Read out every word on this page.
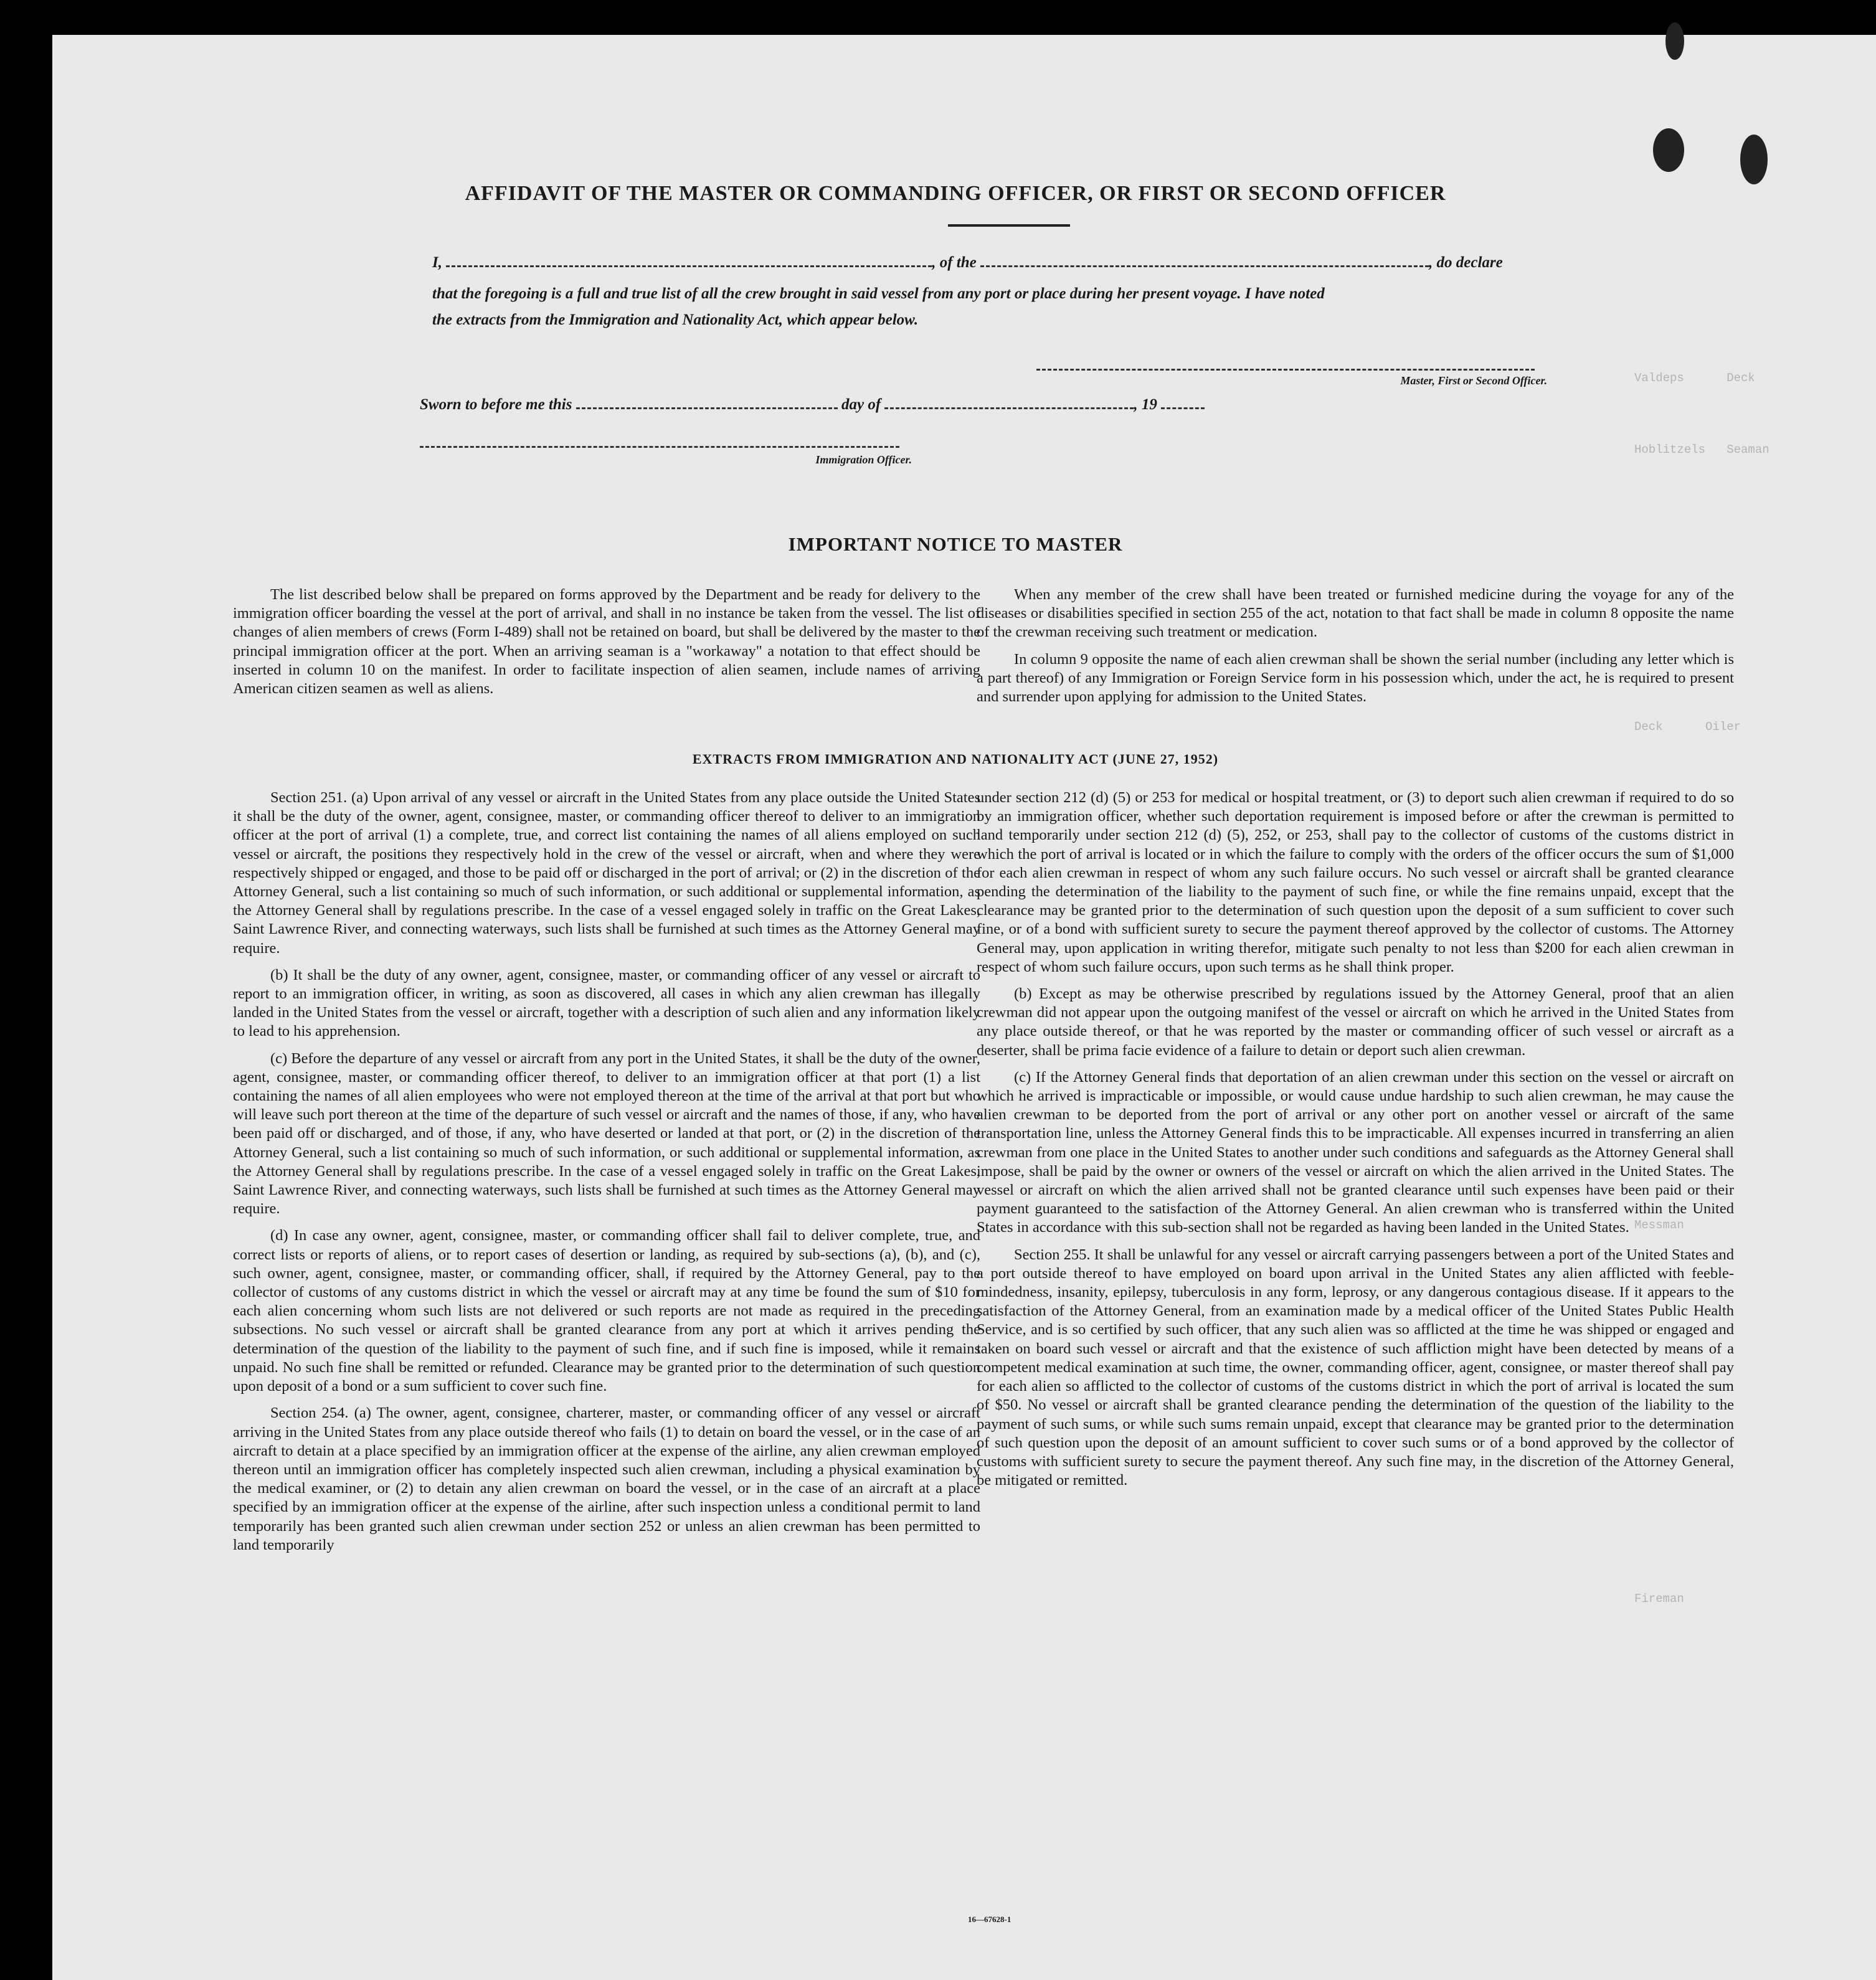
Valdeps      Deck
Hoblitzels   Seaman
Deck      Oiler
Messman
Fireman
AFFIDAVIT OF THE MASTER OR COMMANDING OFFICER, OR FIRST OR SECOND OFFICER
I,	, of the	, do declare
that the foregoing is a full and true list of all the crew brought in said vessel from any port or place during her present voyage. I have noted
the extracts from the Immigration and Nationality Act, which appear below.
Master, First or Second Officer.
Sworn to before me this	day of	, 19
Immigration Officer.
IMPORTANT NOTICE TO MASTER

The list described below shall be prepared on forms approved by the Department and be ready for delivery to the immigration officer boarding the vessel at the port of arrival, and shall in no instance be taken from the vessel. The list of changes of alien members of crews (Form I-489) shall not be retained on board, but shall be delivered by the master to the principal immigration officer at the port. When an arriving seaman is a "workaway" a notation to that effect should be inserted in column 10 on the manifest. In order to facilitate inspection of alien seamen, include names of arriving American citizen seamen as well as aliens.

When any member of the crew shall have been treated or furnished medicine during the voyage for any of the diseases or disabilities specified in section 255 of the act, notation to that fact shall be made in column 8 opposite the name of the crewman receiving such treatment or medication.

In column 9 opposite the name of each alien crewman shall be shown the serial number (including any letter which is a part thereof) of any Immigration or Foreign Service form in his possession which, under the act, he is required to present and surrender upon applying for admission to the United States.

EXTRACTS FROM IMMIGRATION AND NATIONALITY ACT (JUNE 27, 1952)

Section 251. (a) Upon arrival of any vessel or aircraft in the United States from any place outside the United States it shall be the duty of the owner, agent, consignee, master, or commanding officer thereof to deliver to an immigration officer at the port of arrival (1) a complete, true, and correct list containing the names of all aliens employed on such vessel or aircraft, the positions they respectively hold in the crew of the vessel or aircraft, when and where they were respectively shipped or engaged, and those to be paid off or discharged in the port of arrival; or (2) in the discretion of the Attorney General, such a list containing so much of such information, or such additional or supplemental information, as the Attorney General shall by regulations prescribe. In the case of a vessel engaged solely in traffic on the Great Lakes, Saint Lawrence River, and connecting waterways, such lists shall be furnished at such times as the Attorney General may require.

(b) It shall be the duty of any owner, agent, consignee, master, or commanding officer of any vessel or aircraft to report to an immigration officer, in writing, as soon as discovered, all cases in which any alien crewman has illegally landed in the United States from the vessel or aircraft, together with a description of such alien and any information likely to lead to his apprehension.

(c) Before the departure of any vessel or aircraft from any port in the United States, it shall be the duty of the owner, agent, consignee, master, or commanding officer thereof, to deliver to an immigration officer at that port (1) a list containing the names of all alien employees who were not employed thereon at the time of the arrival at that port but who will leave such port thereon at the time of the departure of such vessel or aircraft and the names of those, if any, who have been paid off or discharged, and of those, if any, who have deserted or landed at that port, or (2) in the discretion of the Attorney General, such a list containing so much of such information, or such additional or supplemental information, as the Attorney General shall by regulations prescribe. In the case of a vessel engaged solely in traffic on the Great Lakes, Saint Lawrence River, and connecting waterways, such lists shall be furnished at such times as the Attorney General may require.

(d) In case any owner, agent, consignee, master, or commanding officer shall fail to deliver complete, true, and correct lists or reports of aliens, or to report cases of desertion or landing, as required by sub-sections (a), (b), and (c), such owner, agent, consignee, master, or commanding officer, shall, if required by the Attorney General, pay to the collector of customs of any customs district in which the vessel or aircraft may at any time be found the sum of $10 for each alien concerning whom such lists are not delivered or such reports are not made as required in the preceding subsections. No such vessel or aircraft shall be granted clearance from any port at which it arrives pending the determination of the question of the liability to the payment of such fine, and if such fine is imposed, while it remains unpaid. No such fine shall be remitted or refunded. Clearance may be granted prior to the determination of such question upon deposit of a bond or a sum sufficient to cover such fine.

Section 254. (a) The owner, agent, consignee, charterer, master, or commanding officer of any vessel or aircraft arriving in the United States from any place outside thereof who fails (1) to detain on board the vessel, or in the case of an aircraft to detain at a place specified by an immigration officer at the expense of the airline, any alien crewman employed thereon until an immigration officer has completely inspected such alien crewman, including a physical examination by the medical examiner, or (2) to detain any alien crewman on board the vessel, or in the case of an aircraft at a place specified by an immigration officer at the expense of the airline, after such inspection unless a conditional permit to land temporarily has been granted such alien crewman under section 252 or unless an alien crewman has been permitted to land temporarily

under section 212 (d) (5) or 253 for medical or hospital treatment, or (3) to deport such alien crewman if required to do so by an immigration officer, whether such deportation requirement is imposed before or after the crewman is permitted to land temporarily under section 212 (d) (5), 252, or 253, shall pay to the collector of customs of the customs district in which the port of arrival is located or in which the failure to comply with the orders of the officer occurs the sum of $1,000 for each alien crewman in respect of whom any such failure occurs. No such vessel or aircraft shall be granted clearance pending the determination of the liability to the payment of such fine, or while the fine remains unpaid, except that the clearance may be granted prior to the determination of such question upon the deposit of a sum sufficient to cover such fine, or of a bond with sufficient surety to secure the payment thereof approved by the collector of customs. The Attorney General may, upon application in writing therefor, mitigate such penalty to not less than $200 for each alien crewman in respect of whom such failure occurs, upon such terms as he shall think proper.

(b) Except as may be otherwise prescribed by regulations issued by the Attorney General, proof that an alien crewman did not appear upon the outgoing manifest of the vessel or aircraft on which he arrived in the United States from any place outside thereof, or that he was reported by the master or commanding officer of such vessel or aircraft as a deserter, shall be prima facie evidence of a failure to detain or deport such alien crewman.

(c) If the Attorney General finds that deportation of an alien crewman under this section on the vessel or aircraft on which he arrived is impracticable or impossible, or would cause undue hardship to such alien crewman, he may cause the alien crewman to be deported from the port of arrival or any other port on another vessel or aircraft of the same transportation line, unless the Attorney General finds this to be impracticable. All expenses incurred in transferring an alien crewman from one place in the United States to another under such conditions and safeguards as the Attorney General shall impose, shall be paid by the owner or owners of the vessel or aircraft on which the alien arrived in the United States. The vessel or aircraft on which the alien arrived shall not be granted clearance until such expenses have been paid or their payment guaranteed to the satisfaction of the Attorney General. An alien crewman who is transferred within the United States in accordance with this sub-section shall not be regarded as having been landed in the United States.

Section 255. It shall be unlawful for any vessel or aircraft carrying passengers between a port of the United States and a port outside thereof to have employed on board upon arrival in the United States any alien afflicted with feeble-mindedness, insanity, epilepsy, tuberculosis in any form, leprosy, or any dangerous contagious disease. If it appears to the satisfaction of the Attorney General, from an examination made by a medical officer of the United States Public Health Service, and is so certified by such officer, that any such alien was so afflicted at the time he was shipped or engaged and taken on board such vessel or aircraft and that the existence of such affliction might have been detected by means of a competent medical examination at such time, the owner, commanding officer, agent, consignee, or master thereof shall pay for each alien so afflicted to the collector of customs of the customs district in which the port of arrival is located the sum of $50. No vessel or aircraft shall be granted clearance pending the determination of the question of the liability to the payment of such sums, or while such sums remain unpaid, except that clearance may be granted prior to the determination of such question upon the deposit of an amount sufficient to cover such sums or of a bond approved by the collector of customs with sufficient surety to secure the payment thereof. Any such fine may, in the discretion of the Attorney General, be mitigated or remitted.

16—67628-1
